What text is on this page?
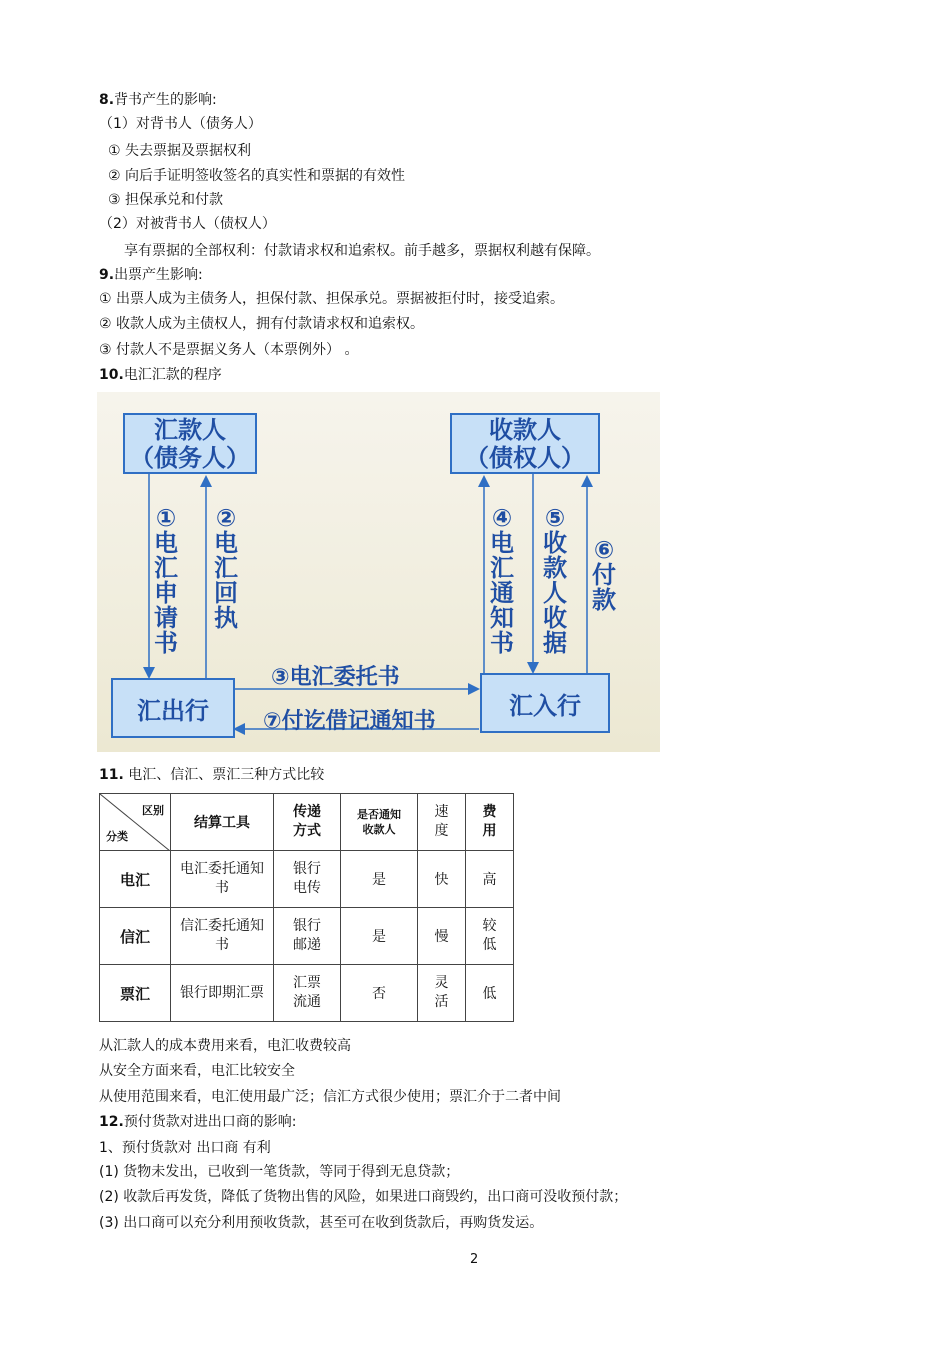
8.背书产生的影响:
（1）对背书人（债务人）
① 失去票据及票据权利
② 向后手证明签收签名的真实性和票据的有效性
③ 担保承兑和付款
（2）对被背书人（债权人）
享有票据的全部权利：付款请求权和追索权。前手越多，票据权利越有保障。
9.出票产生影响:
① 出票人成为主债务人，担保付款、担保承兑。票据被拒付时，接受追索。
② 收款人成为主债权人，拥有付款请求权和追索权。
③ 付款人不是票据义务人（本票例外） 。
10.电汇汇款的程序
汇款人
（债务人）
收款人
（债权人）
汇出行	汇入行
①电汇申请书
②电汇回执
④电汇通知书
⑤收款人收据
⑥付款
③电汇委托书
⑦付讫借记通知书
11. 电汇、信汇、票汇三种方式比较
区别
分类	结算工具	传递方式	是否通知收款人	速度	费用

电汇	电汇委托通知书	银行电传	是	快	高
信汇	信汇委托通知书	银行邮递	是	慢	较低

票汇	银行即期汇票	汇票流通	否	灵活	低
从汇款人的成本费用来看，电汇收费较高
从安全方面来看，电汇比较安全
从使用范围来看，电汇使用最广泛；信汇方式很少使用；票汇介于二者中间
12.预付货款对进出口商的影响:
1、预付货款对 出口商 有利
(1) 货物未发出，已收到一笔货款，等同于得到无息贷款；
(2) 收款后再发货，降低了货物出售的风险，如果进口商毁约，出口商可没收预付款；
(3) 出口商可以充分利用预收货款，甚至可在收到货款后，再购货发运。
2
